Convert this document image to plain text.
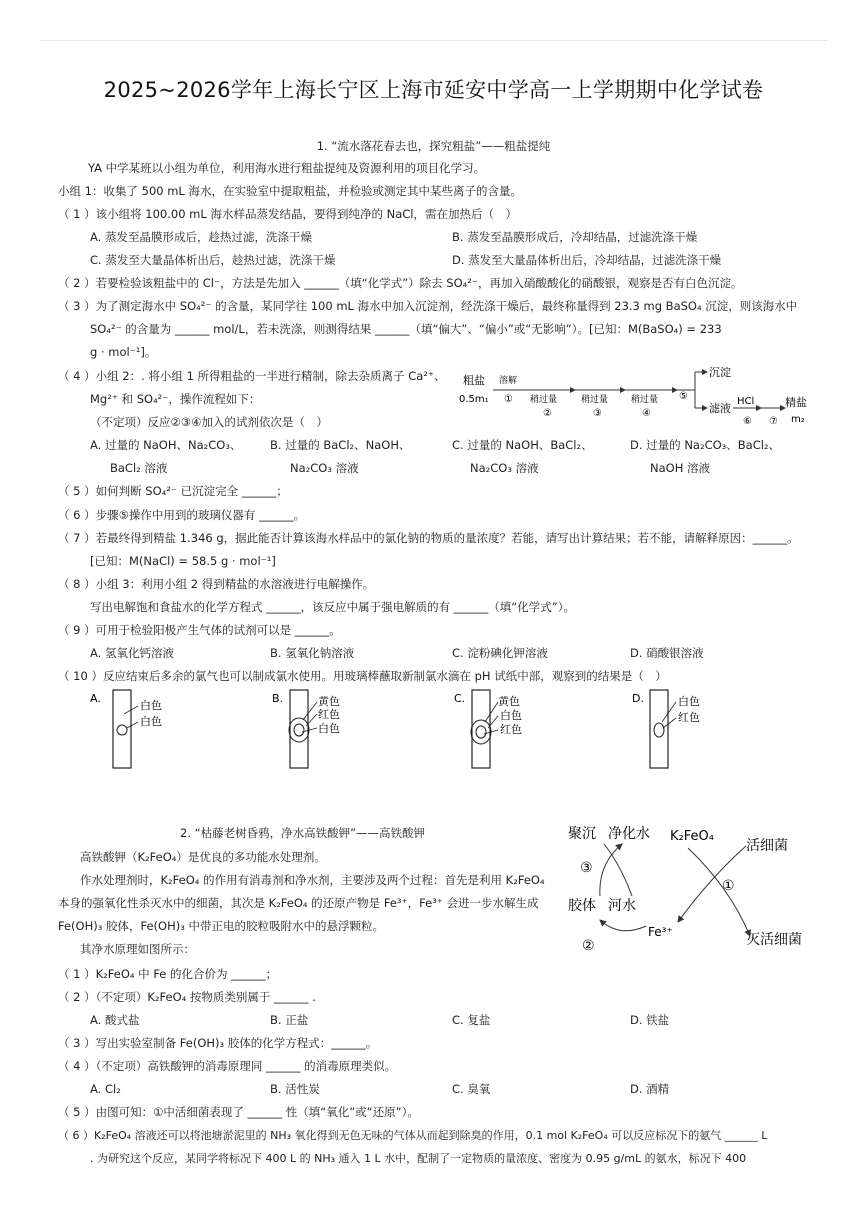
2025~2026学年上海长宁区上海市延安中学高一上学期期中化学试卷
1. “流水落花春去也，探究粗盐”——粗盐提纯
YA 中学某班以小组为单位，利用海水进行粗盐提纯及资源利用的项目化学习。
小组 1：收集了 500 mL 海水，在实验室中提取粗盐，并检验或测定其中某些离子的含量。
（ 1 ）该小组将 100.00 mL 海水样品蒸发结晶，要得到纯净的 NaCl，需在加热后（　）
A. 蒸发至晶膜形成后，趁热过滤，洗涤干燥	B. 蒸发至晶膜形成后，冷却结晶，过滤洗涤干燥
C. 蒸发至大量晶体析出后，趁热过滤，洗涤干燥	D. 蒸发至大量晶体析出后，冷却结晶，过滤洗涤干燥
（ 2 ）若要检验该粗盐中的 Cl⁻，方法是先加入 ______（填“化学式”）除去 SO₄²⁻，再加入硝酸酸化的硝酸银，观察是否有白色沉淀。
（ 3 ）为了测定海水中 SO₄²⁻ 的含量，某同学往 100 mL 海水中加入沉淀剂，经洗涤干燥后，最终称量得到 23.3 mg BaSO₄ 沉淀，则该海水中
SO₄²⁻ 的含量为 ______ mol/L，若未洗涤，则测得结果 ______（填“偏大”、“偏小”或“无影响”）。[已知：M(BaSO₄) = 233
g · mol⁻¹]。
（ 4 ）小组 2：. 将小组 1 所得粗盐的一半进行精制，除去杂质离子 Ca²⁺、
Mg²⁺ 和 SO₄²⁻，操作流程如下：
（不定项）反应②③④加入的试剂依次是（　）
粗盐
0.5m₁
溶解
① 稍过量
②
稍过量
③
稍过量
④
⑤
沉淀
滤液
HCl
⑥ ⑦
精盐
m₂
A. 过量的 NaOH、Na₂CO₃、
BaCl₂ 溶液
B. 过量的 BaCl₂、NaOH、
Na₂CO₃ 溶液
C. 过量的 NaOH、BaCl₂、
Na₂CO₃ 溶液
D. 过量的 Na₂CO₃、BaCl₂、
NaOH 溶液
（ 5 ）如何判断 SO₄²⁻ 已沉淀完全 ______；
（ 6 ）步骤⑤操作中用到的玻璃仪器有 ______。
（ 7 ）若最终得到精盐 1.346 g，据此能否计算该海水样品中的氯化钠的物质的量浓度？若能，请写出计算结果；若不能，请解释原因：______。
[已知：M(NaCl) = 58.5 g · mol⁻¹]
（ 8 ）小组 3：利用小组 2 得到精盐的水溶液进行电解操作。
写出电解饱和食盐水的化学方程式 ______，该反应中属于强电解质的有 ______（填“化学式”）。
（ 9 ）可用于检验阳极产生气体的试剂可以是 ______。
A. 氢氧化钙溶液	B. 氢氧化钠溶液	C. 淀粉碘化钾溶液	D. 硝酸银溶液
（ 10 ）反应结束后多余的氯气也可以制成氯水使用。用玻璃棒蘸取新制氯水滴在 pH 试纸中部，观察到的结果是（　）
A.
白色
白色
B.	黄色
红色
白色
C.	黄色
白色
红色
D.	白色
红色
2. “枯藤老树昏鸦，净水高铁酸钾”——高铁酸钾
高铁酸钾（K₂FeO₄）是优良的多功能水处理剂。
作水处理剂时，K₂FeO₄ 的作用有消毒剂和净水剂，主要涉及两个过程：首先是利用 K₂FeO₄
本身的强氧化性杀灭水中的细菌，其次是 K₂FeO₄ 的还原产物是 Fe³⁺，Fe³⁺ 会进一步水解生成
Fe(OH)₃ 胶体，Fe(OH)₃ 中带正电的胶粒吸附水中的悬浮颗粒。
其净水原理如图所示：
聚沉 净化水 K₂FeO₄
活细菌
胶体 河水
Fe³⁺	灭活细菌
①
②
③
（ 1 ）K₂FeO₄ 中 Fe 的化合价为 ______；
（ 2 ）（不定项）K₂FeO₄ 按物质类别属于 ______ .
A. 酸式盐	B. 正盐	C. 复盐	D. 铁盐
（ 3 ）写出实验室制备 Fe(OH)₃ 胶体的化学方程式：______。
（ 4 ）（不定项）高铁酸钾的消毒原理同 ______ 的消毒原理类似。
A. Cl₂	B. 活性炭	C. 臭氧	D. 酒精
（ 5 ）由图可知：①中活细菌表现了 ______ 性（填“氧化”或“还原”）。
（ 6 ）K₂FeO₄ 溶液还可以将池塘淤泥里的 NH₃ 氧化得到无色无味的气体从而起到除臭的作用，0.1 mol K₂FeO₄ 可以反应标况下的氨气 ______ L
. 为研究这个反应，某同学将标况下 400 L 的 NH₃ 通入 1 L 水中，配制了一定物质的量浓度、密度为 0.95 g/mL 的氨水，标况下 400
